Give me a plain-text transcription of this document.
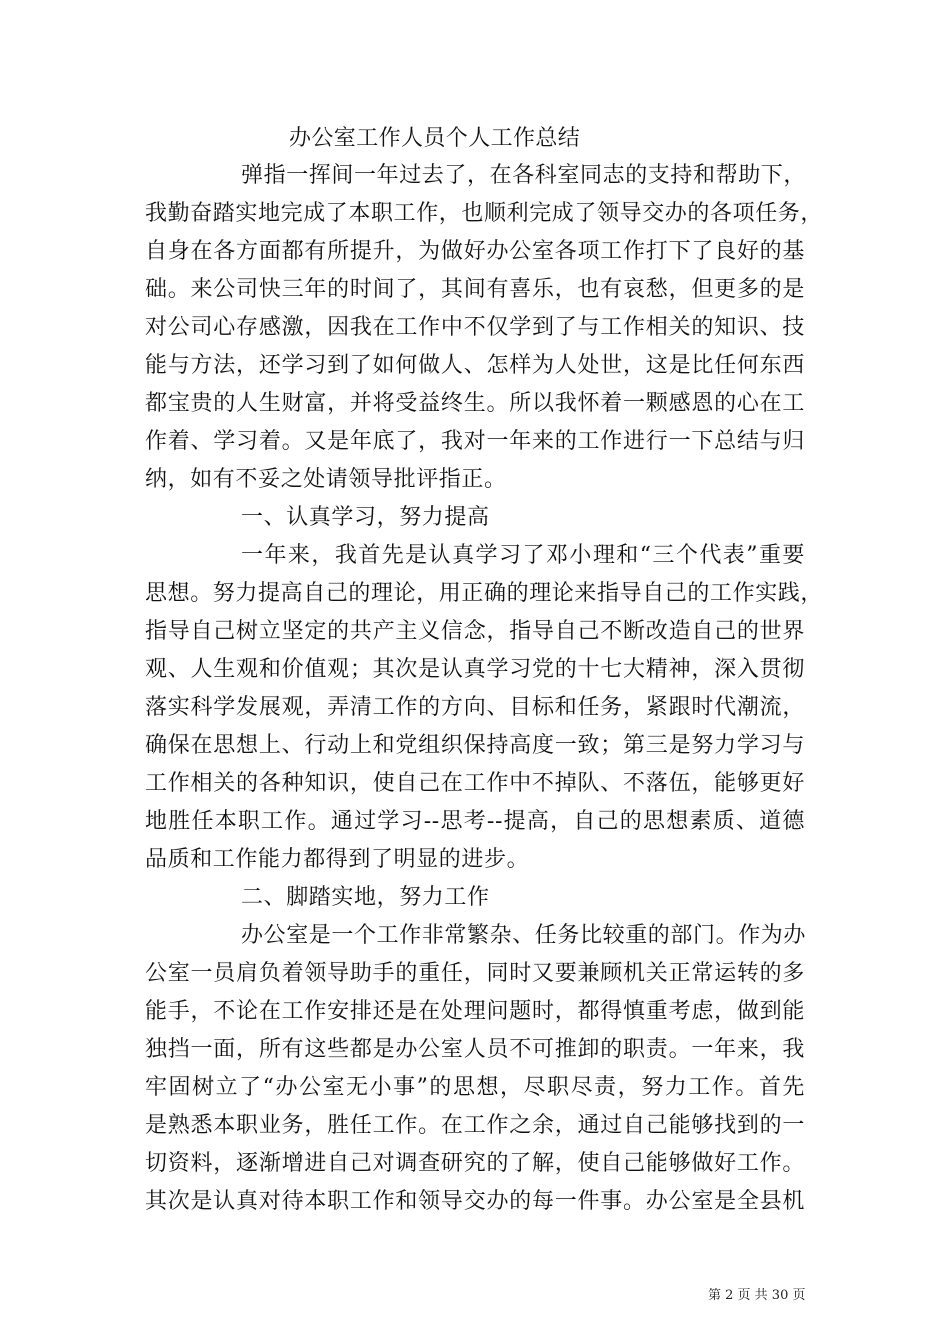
办公室工作人员个人工作总结
弹指一挥间一年过去了，在各科室同志的支持和帮助下，
我勤奋踏实地完成了本职工作，也顺利完成了领导交办的各项任务，
自身在各方面都有所提升，为做好办公室各项工作打下了良好的基
础。来公司快三年的时间了，其间有喜乐，也有哀愁，但更多的是
对公司心存感激，因我在工作中不仅学到了与工作相关的知识、技
能与方法，还学习到了如何做人、怎样为人处世，这是比任何东西
都宝贵的人生财富，并将受益终生。所以我怀着一颗感恩的心在工
作着、学习着。又是年底了，我对一年来的工作进行一下总结与归
纳，如有不妥之处请领导批评指正。
一、认真学习，努力提高
一年来，我首先是认真学习了邓小理和“三个代表”重要
思想。努力提高自己的理论，用正确的理论来指导自己的工作实践，
指导自己树立坚定的共产主义信念，指导自己不断改造自己的世界
观、人生观和价值观；其次是认真学习党的十七大精神，深入贯彻
落实科学发展观，弄清工作的方向、目标和任务，紧跟时代潮流，
确保在思想上、行动上和党组织保持高度一致；第三是努力学习与
工作相关的各种知识，使自己在工作中不掉队、不落伍，能够更好
地胜任本职工作。通过学习--思考--提高，自己的思想素质、道德
品质和工作能力都得到了明显的进步。
二、脚踏实地，努力工作
办公室是一个工作非常繁杂、任务比较重的部门。作为办
公室一员肩负着领导助手的重任，同时又要兼顾机关正常运转的多
能手，不论在工作安排还是在处理问题时，都得慎重考虑，做到能
独挡一面，所有这些都是办公室人员不可推卸的职责。一年来，我
牢固树立了“办公室无小事”的思想，尽职尽责，努力工作。首先
是熟悉本职业务，胜任工作。在工作之余，通过自己能够找到的一
切资料，逐渐增进自己对调查研究的了解，使自己能够做好工作。
其次是认真对待本职工作和领导交办的每一件事。办公室是全县机
第 2 页 共 30 页
